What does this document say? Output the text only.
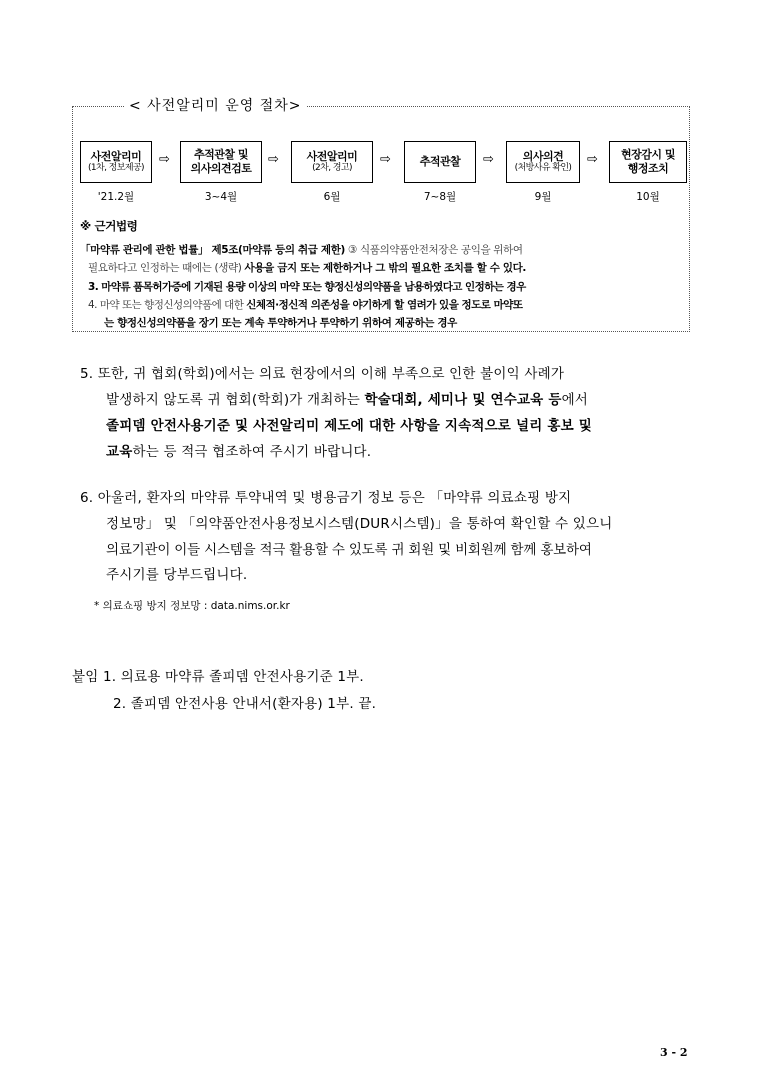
< 사전알리미 운영 절차>
사전알리미
(1차, 정보제공)
⇨ 추적관찰 및
의사의견검토
⇨	사전알리미
(2차, 경고)
⇨	추적관찰 ⇨	의사의견
(처방사유 확인)
⇨ 현장감시 및
행정조치
'21.2월	3~4월	6월	7~8월	9월	10월
※ 근거법령
「마약류 관리에 관한 법률」 제5조(마약류 등의 취급 제한) ③ 식품의약품안전처장은 공익을 위하여
필요하다고 인정하는 때에는 (생략) 사용을 금지 또는 제한하거나 그 밖의 필요한 조치를 할 수 있다.
3. 마약류 품목허가증에 기재된 용량 이상의 마약 또는 향정신성의약품을 남용하였다고 인정하는 경우
4. 마약 또는 향정신성의약품에 대한 신체적·정신적 의존성을 야기하게 할 염려가 있을 정도로 마약또
는 향정신성의약품을 장기 또는 계속 투약하거나 투약하기 위하여 제공하는 경우
5. 또한, 귀 협회(학회)에서는 의료 현장에서의 이해 부족으로 인한 불이익 사례가
발생하지 않도록 귀 협회(학회)가 개최하는 학술대회, 세미나 및 연수교육 등에서
졸피뎀 안전사용기준 및 사전알리미 제도에 대한 사항을 지속적으로 널리 홍보 및
교육하는 등 적극 협조하여 주시기 바랍니다.
6. 아울러, 환자의 마약류 투약내역 및 병용금기 정보 등은 「마약류 의료쇼핑 방지
정보망」 및 「의약품안전사용정보시스템(DUR시스템)」을 통하여 확인할 수 있으니
의료기관이 이들 시스템을 적극 활용할 수 있도록 귀 회원 및 비회원께 함께 홍보하여
주시기를 당부드립니다.
* 의료쇼핑 방지 정보망 : data.nims.or.kr
붙임 1. 의료용 마약류 졸피뎀 안전사용기준 1부.
2. 졸피뎀 안전사용 안내서(환자용) 1부. 끝.
3 - 2
